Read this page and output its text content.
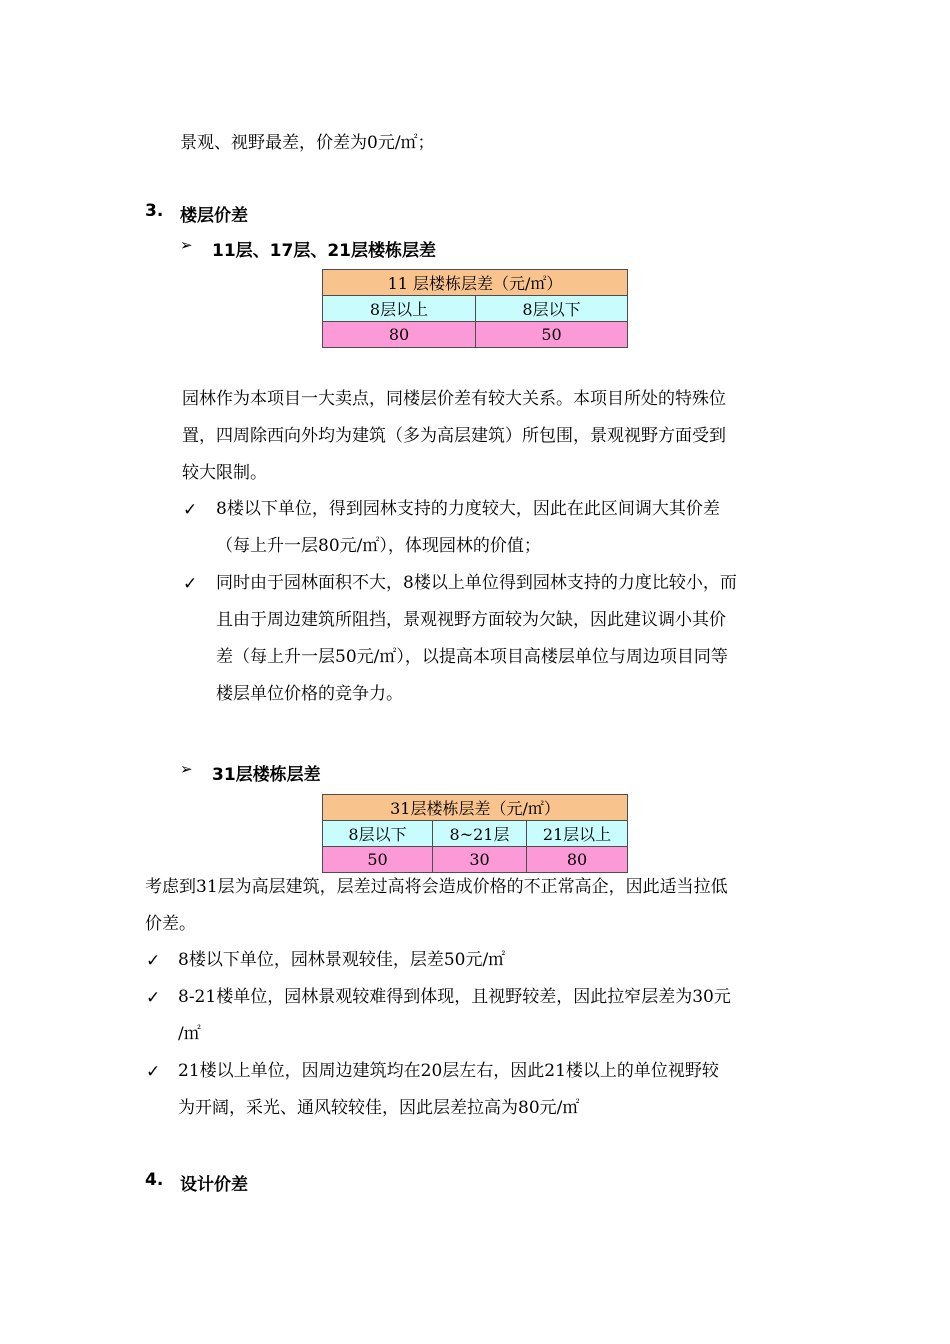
景观、视野最差，价差为0元/㎡；
3. 楼层价差
➢ 11层、17层、21层楼栋层差
11 层楼栋层差（元/㎡）	
8层以上	8层以下
80	50
园林作为本项目一大卖点，同楼层价差有较大关系。本项目所处的特殊位
置，四周除西向外均为建筑（多为高层建筑）所包围，景观视野方面受到
较大限制。
✓ 8楼以下单位，得到园林支持的力度较大，因此在此区间调大其价差
（每上升一层80元/㎡），体现园林的价值；
✓ 同时由于园林面积不大，8楼以上单位得到园林支持的力度比较小，而
且由于周边建筑所阻挡，景观视野方面较为欠缺，因此建议调小其价
差（每上升一层50元/㎡），以提高本项目高楼层单位与周边项目同等
楼层单位价格的竞争力。
➢ 31层楼栋层差
31层楼栋层差（元/㎡）		
8层以下	8~21层	21层以上
50	30	80
考虑到31层为高层建筑，层差过高将会造成价格的不正常高企，因此适当拉低
价差。
✓ 8楼以下单位，园林景观较佳，层差50元/㎡
✓ 8-21楼单位，园林景观较难得到体现，且视野较差，因此拉窄层差为30元
/㎡
✓ 21楼以上单位，因周边建筑均在20层左右，因此21楼以上的单位视野较
为开阔，采光、通风较较佳，因此层差拉高为80元/㎡
4. 设计价差
